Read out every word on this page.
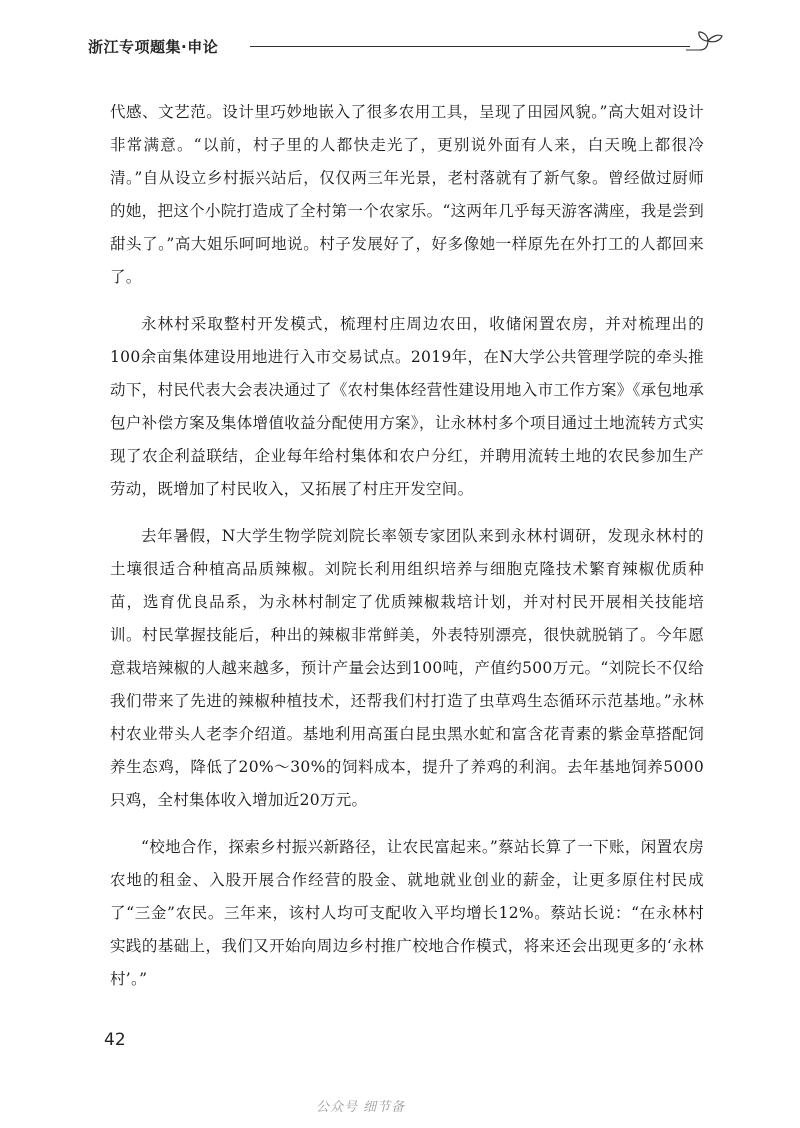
浙江专项题集·申论

代感、文艺范。设计里巧妙地嵌入了很多农用工具，呈现了田园风貌。”高大姐对设计非常满意。“以前，村子里的人都快走光了，更别说外面有人来，白天晚上都很冷清。”自从设立乡村振兴站后，仅仅两三年光景，老村落就有了新气象。曾经做过厨师的她，把这个小院打造成了全村第一个农家乐。“这两年几乎每天游客满座，我是尝到甜头了。”高大姐乐呵呵地说。村子发展好了，好多像她一样原先在外打工的人都回来了。

永林村采取整村开发模式，梳理村庄周边农田，收储闲置农房，并对梳理出的100余亩集体建设用地进行入市交易试点。2019年，在N大学公共管理学院的牵头推动下，村民代表大会表决通过了《农村集体经营性建设用地入市工作方案》《承包地承包户补偿方案及集体增值收益分配使用方案》，让永林村多个项目通过土地流转方式实现了农企利益联结，企业每年给村集体和农户分红，并聘用流转土地的农民参加生产劳动，既增加了村民收入，又拓展了村庄开发空间。

去年暑假，N大学生物学院刘院长率领专家团队来到永林村调研，发现永林村的土壤很适合种植高品质辣椒。刘院长利用组织培养与细胞克隆技术繁育辣椒优质种苗，选育优良品系，为永林村制定了优质辣椒栽培计划，并对村民开展相关技能培训。村民掌握技能后，种出的辣椒非常鲜美，外表特别漂亮，很快就脱销了。今年愿意栽培辣椒的人越来越多，预计产量会达到100吨，产值约500万元。“刘院长不仅给我们带来了先进的辣椒种植技术，还帮我们村打造了虫草鸡生态循环示范基地。”永林村农业带头人老李介绍道。基地利用高蛋白昆虫黑水虻和富含花青素的紫金草搭配饲养生态鸡，降低了20%～30%的饲料成本，提升了养鸡的利润。去年基地饲养5000只鸡，全村集体收入增加近20万元。

“校地合作，探索乡村振兴新路径，让农民富起来。”蔡站长算了一下账，闲置农房农地的租金、入股开展合作经营的股金、就地就业创业的薪金，让更多原住村民成了“三金”农民。三年来，该村人均可支配收入平均增长12%。蔡站长说：“在永林村实践的基础上，我们又开始向周边乡村推广校地合作模式，将来还会出现更多的‘永林村’。”

42
公众号 细节备
